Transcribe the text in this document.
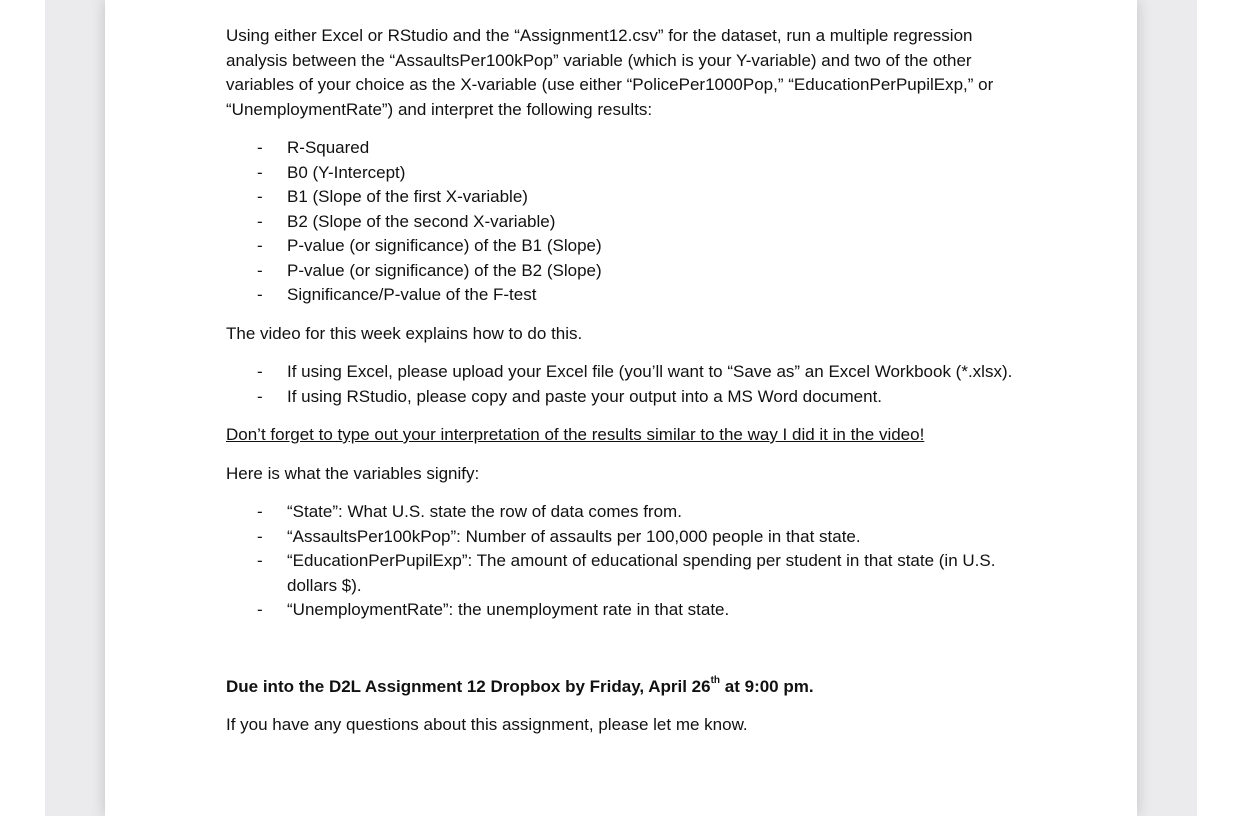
Using either Excel or RStudio and the “Assignment12.csv” for the dataset, run a multiple regression analysis between the “AssaultsPer100kPop” variable (which is your Y-variable) and two of the other variables of your choice as the X-variable (use either “PolicePer1000Pop,” “EducationPerPupilExp,” or “UnemploymentRate”) and interpret the following results:

- R-Squared
- B0 (Y-Intercept)
- B1 (Slope of the first X-variable)
- B2 (Slope of the second X-variable)
- P-value (or significance) of the B1 (Slope)
- P-value (or significance) of the B2 (Slope)
- Significance/P-value of the F-test

The video for this week explains how to do this.

- If using Excel, please upload your Excel file (you’ll want to “Save as” an Excel Workbook (*.xlsx).
- If using RStudio, please copy and paste your output into a MS Word document.

Don’t forget to type out your interpretation of the results similar to the way I did it in the video!

Here is what the variables signify:

- “State”: What U.S. state the row of data comes from.
- “AssaultsPer100kPop”: Number of assaults per 100,000 people in that state.
- “EducationPerPupilExp”: The amount of educational spending per student in that state (in U.S. dollars $).
- “UnemploymentRate”: the unemployment rate in that state.

Due into the D2L Assignment 12 Dropbox by Friday, April 26th at 9:00 pm.

If you have any questions about this assignment, please let me know.
